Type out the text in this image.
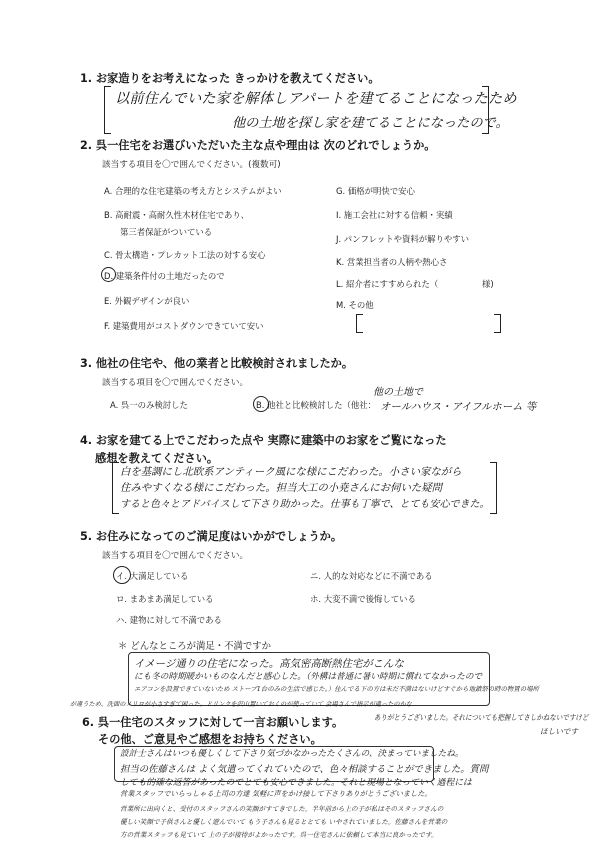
1. お家造りをお考えになった きっかけを教えてください。
以前住んでいた家を解体しアパートを建てることになったため
他の土地を探し家を建てることになったので。
2. 呉一住宅をお選びいただいた主な点や理由は 次のどれでしょうか。
該当する項目を〇で囲んでください。(複数可)
A. 合理的な住宅建築の考え方とシステムがよい
B. 高耐震・高耐久性木材住宅であり、
第三者保証がついている
C. 骨太構造・プレカット工法の対する安心
D. 建築条件付の土地だったので
E. 外観デザインが良い
F. 建築費用がコストダウンできていて安い
G. 価格が明快で安心
I. 施工会社に対する信頼・実績
J. パンフレットや資料が解りやすい
K. 営業担当者の人柄や熱心さ
L. 紹介者にすすめられた（	様)
M. その他
3. 他社の住宅や、他の業者と比較検討されましたか。
該当する項目を〇で囲んでください。
A. 呉一のみ検討した	B. 他社と比較検討した（他社：
他の土地で
オールハウス・アイフルホーム 等
4. お家を建てる上でこだわった点や 実際に建築中のお家をご覧になった
感想を教えてください。
白を基調にし北欧系アンティーク風にな様にこだわった。小さい家ながら
住みやすくなる様にこだわった。担当大工の小尭さんにお伺いた疑問
すると色々とアドバイスして下さり助かった。仕事も丁寧で、とても安心できた。
5. お住みになってのご満足度はいかがでしょうか。
該当する項目を〇で囲んでください。
イ. 大満足している
ロ. まあまあ満足している
ハ. 建物に対して不満である
ニ. 人的な対応などに不満である
ホ. 大変不満で後悔している
＊ どんなところが満足・不満ですか
イメージ通りの住宅になった。高気密高断熱住宅がこんな
にも冬の時期暖かいものなんだと感心した。（外構は普通に暑い時期に慣れてなかったので
エアコンを設置できていないため ストーブ1台のみの生活で感じた。）住んでる下の方は未だ不満はないけどすぐから地鎮祭の時の物置の場所
が違うため、洗面のメリロが小さすぎて困った。ドリンクを沢山置いておくのが使っていて 会場さんで指示が違ったのかな
6. 呉一住宅のスタッフに対して一言お願いします。
その他、ご意見やご感想をお持ちください。
ありがとうございました。それについても把握してさしかねないですけど
ほしいです
設計士さんはいつも優しくして下さり気づかなかったたくさんの、決まっていましたね。
担当の佐藤さんは よく気遣ってくれていたので、色々相談することができました。質問
しても的確な返答があったのでとても安心できました。それと現場となっていく過程には
営業スタッフでいらっしゃる上司の方達 気軽に声をかけ接して下さりありがとうございました。
営業所に出向くと、受付のスタッフさんの笑顔がすてきでした。半年前から上の子が私はそのスタッフさんの
優しい笑顔で子供さんと優しく遊んでいて もう子さんも見るととても いやされていました。佐藤さんを営業の
方の営業スタッフも見ていて 上の子が接待がよかったです。呉一住宅さんに依頼して本当に良かったです。
